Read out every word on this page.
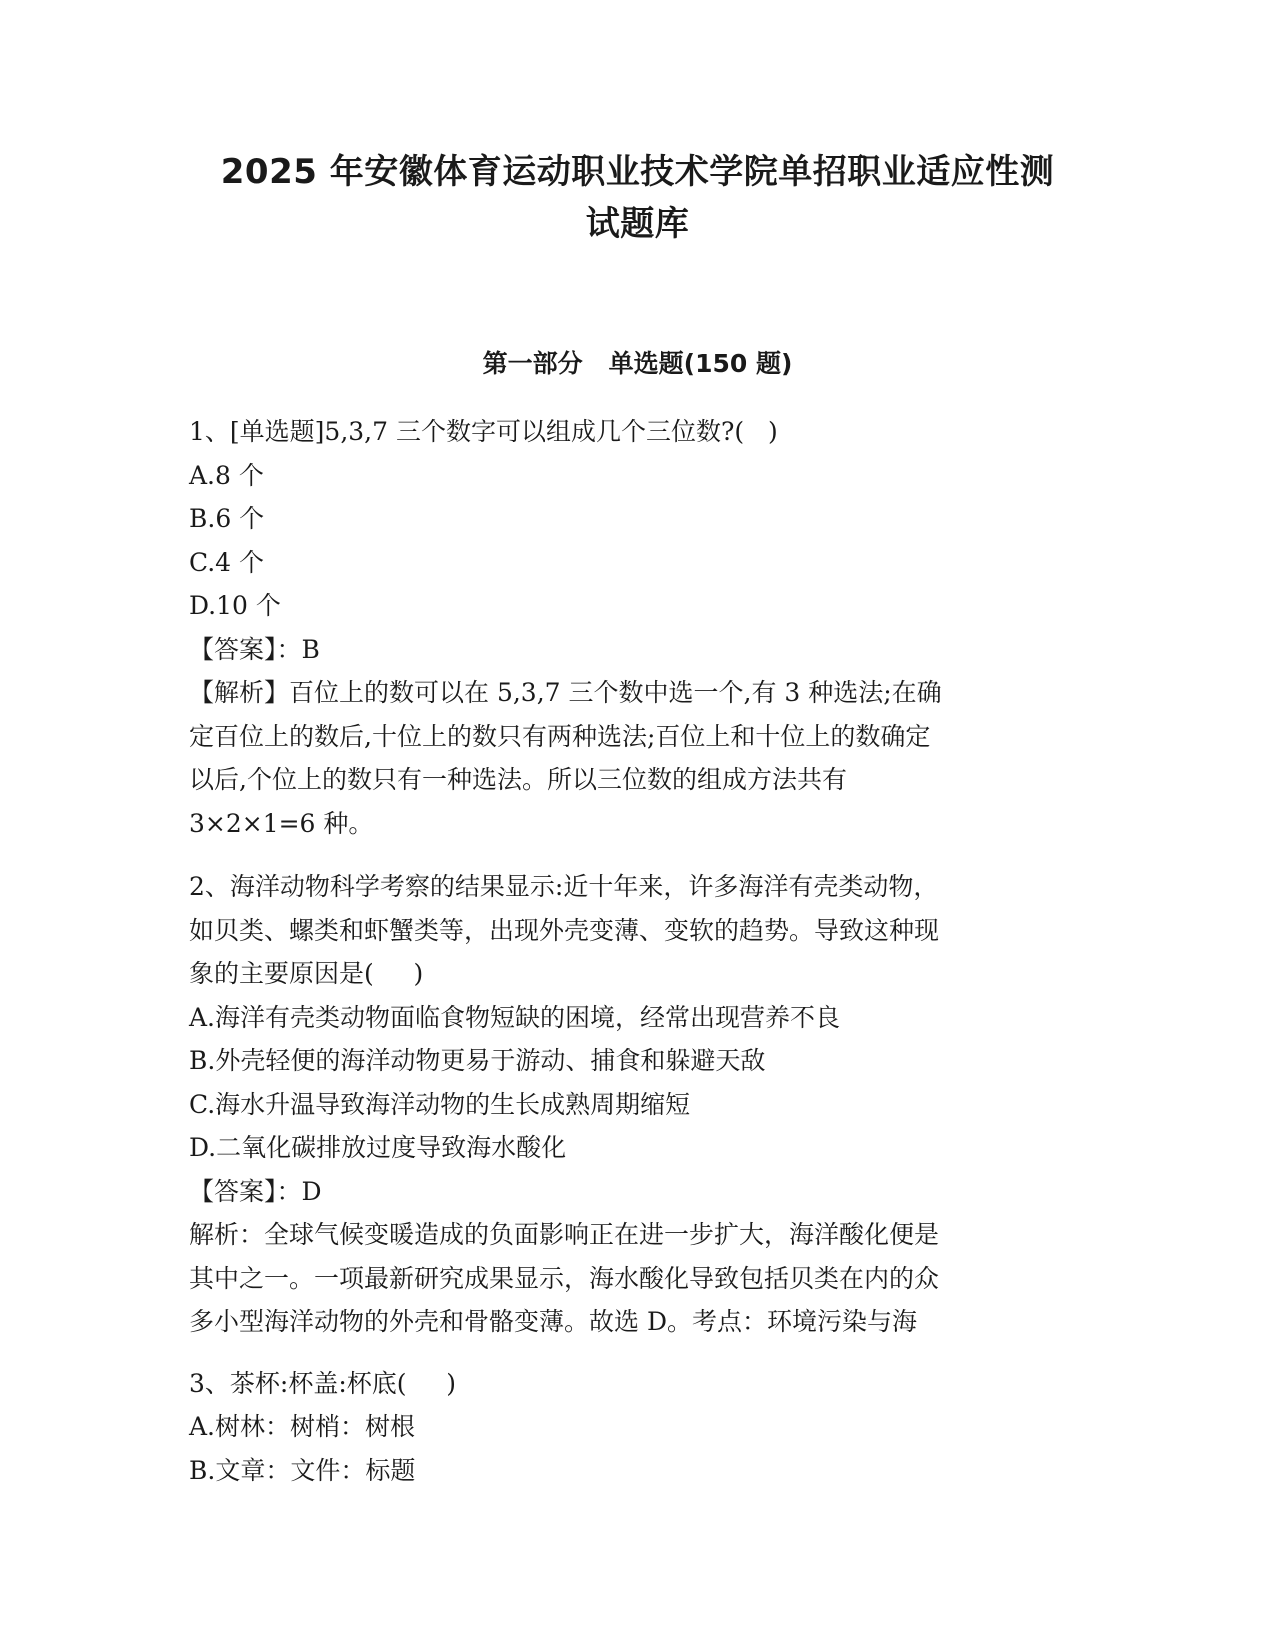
2025 年安徽体育运动职业技术学院单招职业适应性测
试题库
第一部分   单选题(150 题)

1、[单选题]5,3,7 三个数字可以组成几个三位数?(   )

A.8 个

B.6 个

C.4 个

D.10 个

【答案】：B

【解析】百位上的数可以在 5,3,7 三个数中选一个,有 3 种选法;在确

定百位上的数后,十位上的数只有两种选法;百位上和十位上的数确定

以后,个位上的数只有一种选法。所以三位数的组成方法共有

3×2×1=6 种。

2、海洋动物科学考察的结果显示:近十年来，许多海洋有壳类动物，

如贝类、螺类和虾蟹类等，出现外壳变薄、变软的趋势。导致这种现

象的主要原因是(     )

A.海洋有壳类动物面临食物短缺的困境，经常出现营养不良

B.外壳轻便的海洋动物更易于游动、捕食和躲避天敌

C.海水升温导致海洋动物的生长成熟周期缩短

D.二氧化碳排放过度导致海水酸化

【答案】：D

解析：全球气候变暖造成的负面影响正在进一步扩大，海洋酸化便是

其中之一。一项最新研究成果显示，海水酸化导致包括贝类在内的众

多小型海洋动物的外壳和骨骼变薄。故选 D。考点：环境污染与海

3、茶杯:杯盖:杯底(     )

A.树林：树梢：树根

B.文章：文件：标题
